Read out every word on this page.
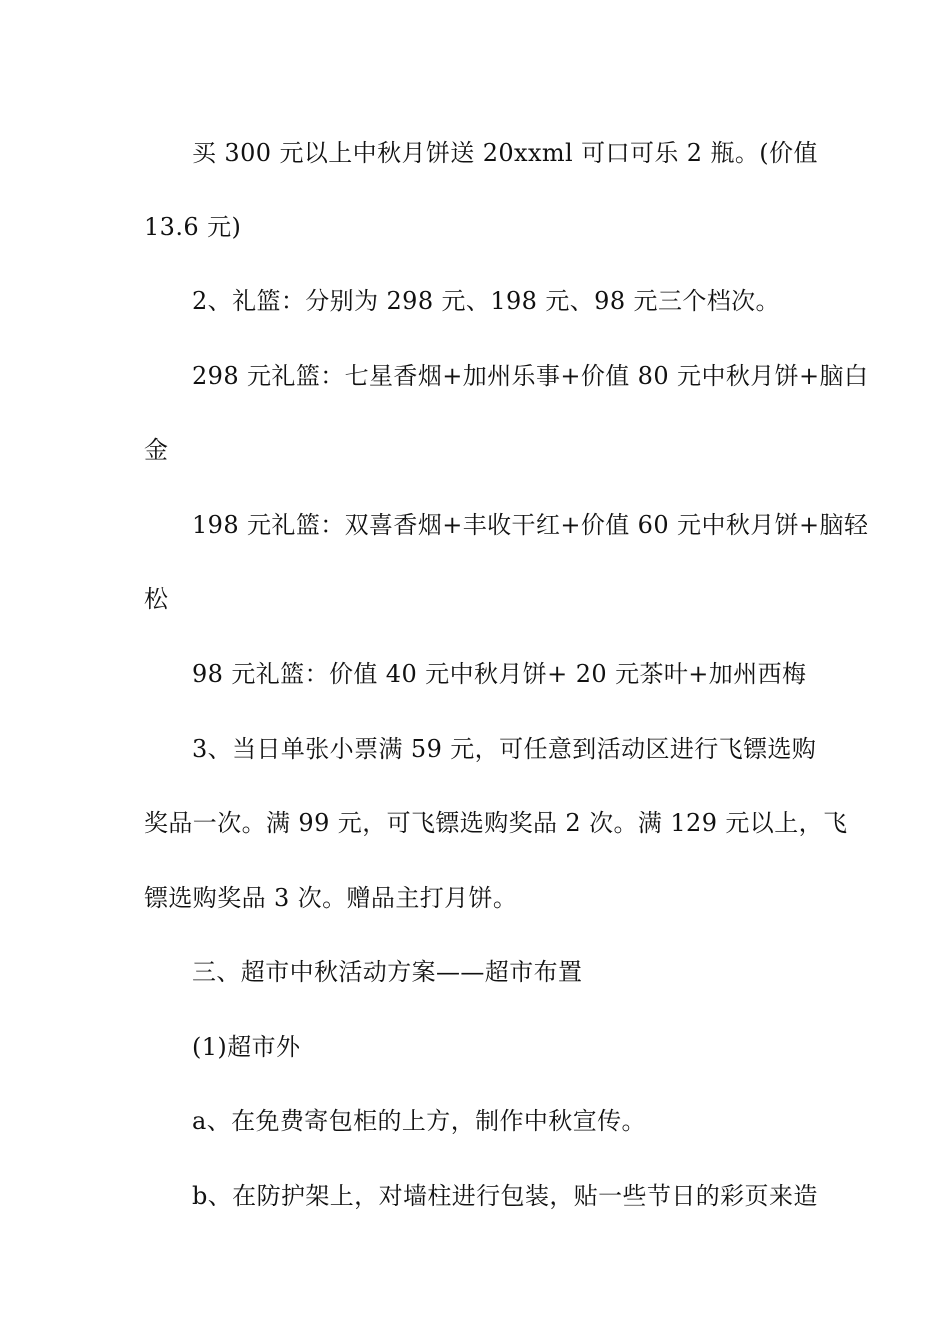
买 300 元以上中秋月饼送 20xxml 可口可乐 2 瓶。(价值
13.6 元)
2、礼篮：分别为 298 元、198 元、98 元三个档次。
298 元礼篮：七星香烟+加州乐事+价值 80 元中秋月饼+脑白
金
198 元礼篮：双喜香烟+丰收干红+价值 60 元中秋月饼+脑轻
松
98 元礼篮：价值 40 元中秋月饼+ 20 元茶叶+加州西梅
3、当日单张小票满 59 元，可任意到活动区进行飞镖选购
奖品一次。满 99 元，可飞镖选购奖品 2 次。满 129 元以上，飞
镖选购奖品 3 次。赠品主打月饼。
三、超市中秋活动方案——超市布置
(1)超市外
a、在免费寄包柜的上方，制作中秋宣传。
b、在防护架上，对墙柱进行包装，贴一些节日的彩页来造
